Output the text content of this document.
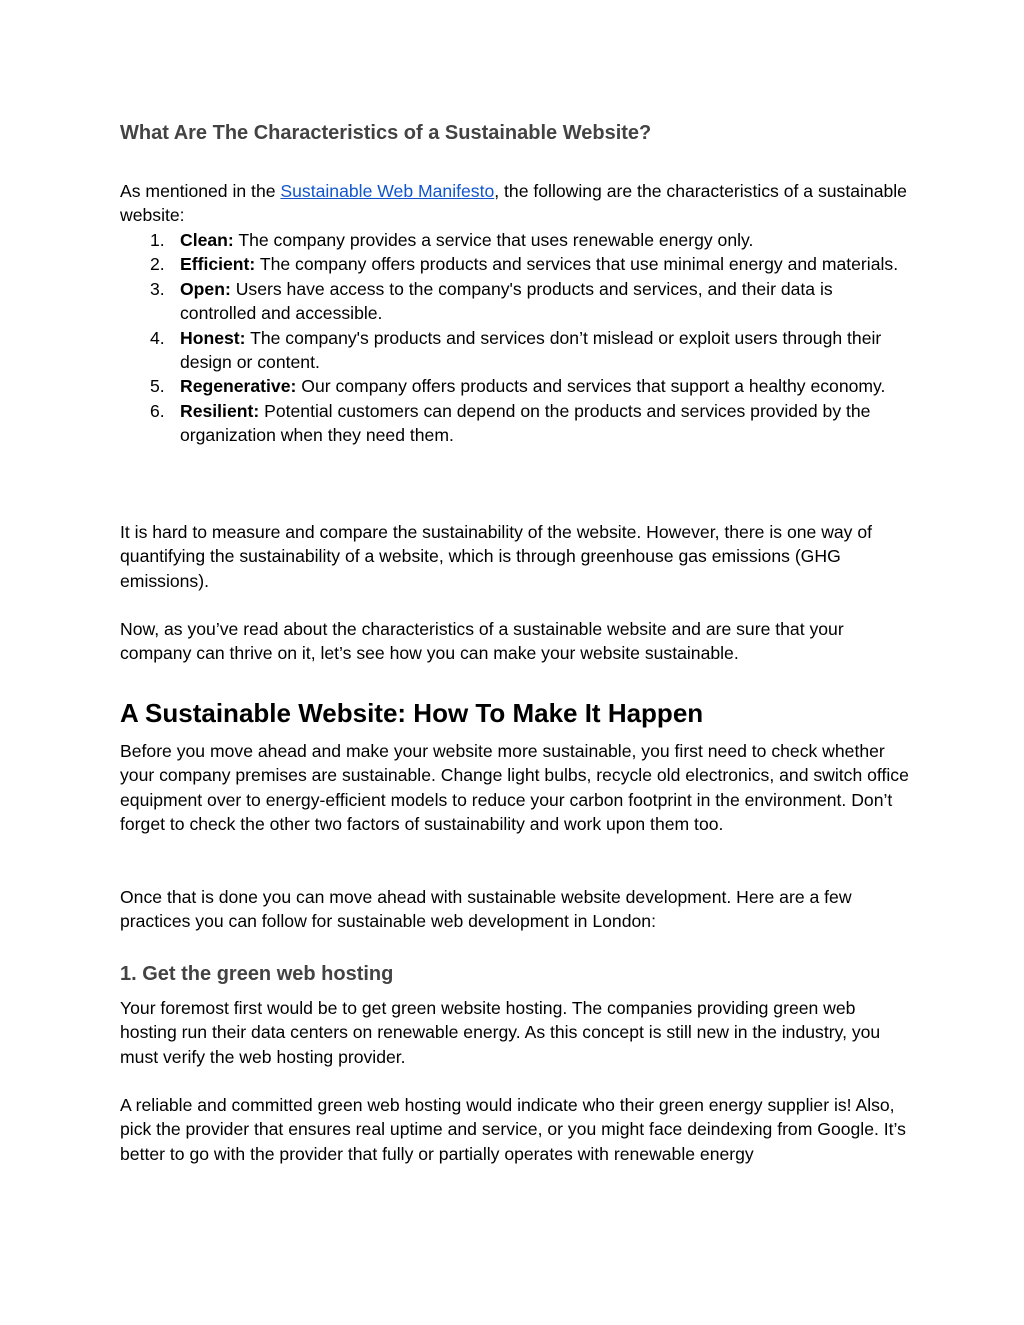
What Are The Characteristics of a Sustainable Website?

As mentioned in the Sustainable Web Manifesto, the following are the characteristics of a sustainable website:

1. Clean: The company provides a service that uses renewable energy only.
2. Efficient: The company offers products and services that use minimal energy and materials.
3. Open: Users have access to the company's products and services, and their data is controlled and accessible.
4. Honest: The company's products and services don’t mislead or exploit users through their design or content.
5. Regenerative: Our company offers products and services that support a healthy economy.
6. Resilient: Potential customers can depend on the products and services provided by the organization when they need them.

It is hard to measure and compare the sustainability of the website. However, there is one way of quantifying the sustainability of a website, which is through greenhouse gas emissions (GHG emissions).

Now, as you’ve read about the characteristics of a sustainable website and are sure that your company can thrive on it, let’s see how you can make your website sustainable.

A Sustainable Website: How To Make It Happen

Before you move ahead and make your website more sustainable, you first need to check whether your company premises are sustainable. Change light bulbs, recycle old electronics, and switch office equipment over to energy-efficient models to reduce your carbon footprint in the environment. Don’t forget to check the other two factors of sustainability and work upon them too.

Once that is done you can move ahead with sustainable website development. Here are a few practices you can follow for sustainable web development in London:

1. Get the green web hosting

Your foremost first would be to get green website hosting. The companies providing green web hosting run their data centers on renewable energy. As this concept is still new in the industry, you must verify the web hosting provider.

A reliable and committed green web hosting would indicate who their green energy supplier is! Also, pick the provider that ensures real uptime and service, or you might face deindexing from Google. It’s better to go with the provider that fully or partially operates with renewable energy
